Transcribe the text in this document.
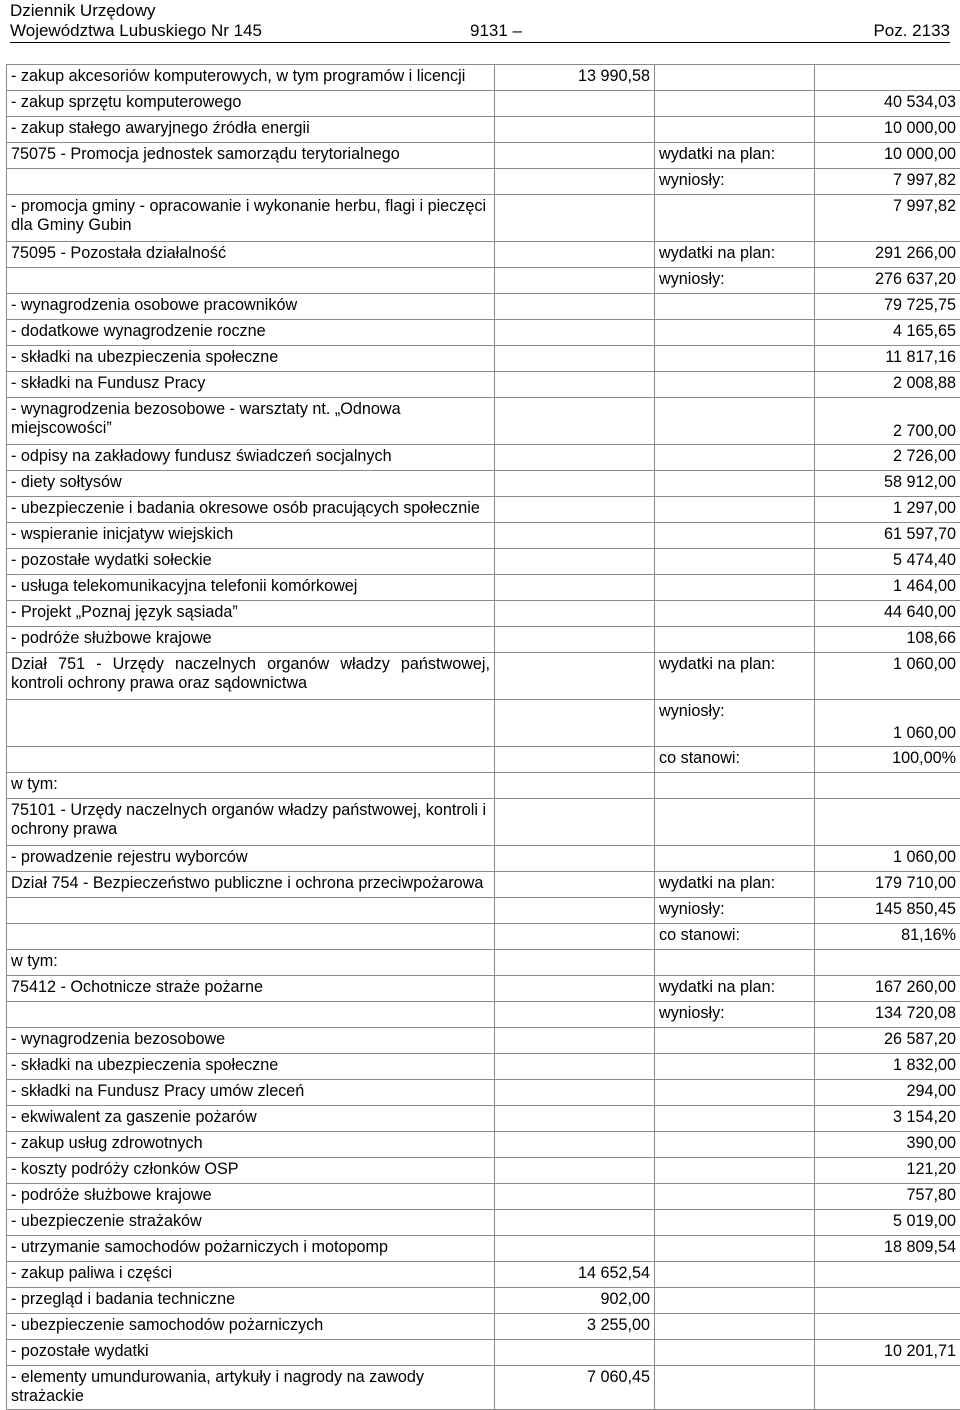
Dziennik Urzędowy
Województwa Lubuskiego Nr 145	9131 –	Poz. 2133
- zakup akcesoriów komputerowych, w tym programów i licencji	13 990,58		
- zakup sprzętu komputerowego			40 534,03
- zakup stałego awaryjnego źródła energii			10 000,00
75075 - Promocja jednostek samorządu terytorialnego		wydatki na plan:	10 000,00
		wyniosły:	7 997,82
- promocja gminy - opracowanie i wykonanie herbu, flagi i pieczęci dla Gminy Gubin			7 997,82
75095 - Pozostała działalność		wydatki na plan:	291 266,00
		wyniosły:	276 637,20
- wynagrodzenia osobowe pracowników			79 725,75
- dodatkowe wynagrodzenie roczne			4 165,65
- składki na ubezpieczenia społeczne			11 817,16
- składki na Fundusz Pracy			2 008,88
- wynagrodzenia bezosobowe - warsztaty nt. „Odnowa miejscowości”			2 700,00
- odpisy na zakładowy fundusz świadczeń socjalnych			2 726,00
- diety sołtysów			58 912,00
- ubezpieczenie i badania okresowe osób pracujących społecznie			1 297,00
- wspieranie inicjatyw wiejskich			61 597,70
- pozostałe wydatki sołeckie			5 474,40
- usługa telekomunikacyjna telefonii komórkowej			1 464,00
- Projekt „Poznaj język sąsiada”			44 640,00
- podróże służbowe krajowe			108,66
Dział 751 - Urzędy naczelnych organów władzy państwowej, kontroli ochrony prawa oraz sądownictwa		wydatki na plan:	1 060,00
		wyniosły:	1 060,00
		co stanowi:	100,00%
w tym:			
75101 - Urzędy naczelnych organów władzy państwowej, kontroli i ochrony prawa			
- prowadzenie rejestru wyborców			1 060,00
Dział 754 - Bezpieczeństwo publiczne i ochrona przeciwpożarowa		wydatki na plan:	179 710,00
		wyniosły:	145 850,45
		co stanowi:	81,16%
w tym:			
75412 - Ochotnicze straże pożarne		wydatki na plan:	167 260,00
		wyniosły:	134 720,08
- wynagrodzenia bezosobowe			26 587,20
- składki na ubezpieczenia społeczne			1 832,00
- składki na Fundusz Pracy umów zleceń			294,00
- ekwiwalent za gaszenie pożarów			3 154,20
- zakup usług zdrowotnych			390,00
- koszty podróży członków OSP			121,20
- podróże służbowe krajowe			757,80
- ubezpieczenie strażaków			5 019,00
- utrzymanie samochodów pożarniczych i motopomp			18 809,54
- zakup paliwa i części	14 652,54		
- przegląd i badania techniczne	902,00		
- ubezpieczenie samochodów pożarniczych	3 255,00		
- pozostałe wydatki			10 201,71
- elementy umundurowania, artykuły i nagrody na zawody strażackie	7 060,45		
